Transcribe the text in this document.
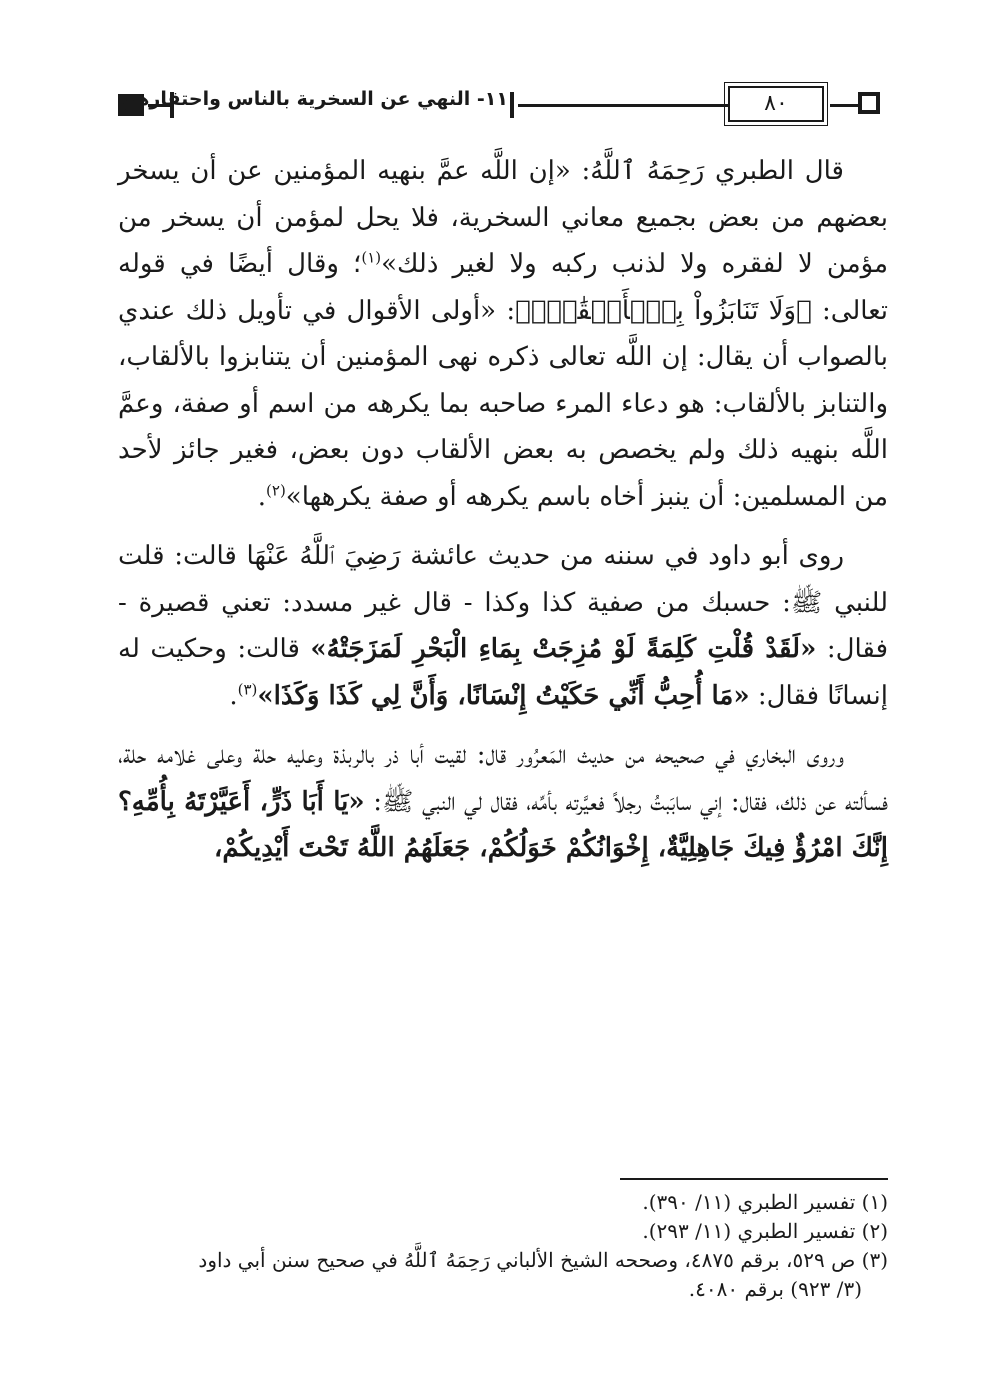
١١- النهي عن السخرية بالناس واحتقارهم	٨٠

قال الطبري رَحِمَهُ ٱللَّهُ: «إن اللَّه عمَّ بنهيه المؤمنين عن أن يسخر بعضهم من بعض بجميع معاني السخرية، فلا يحل لمؤمن أن يسخر من مؤمن لا لفقره ولا لذنب ركبه ولا لغير ذلك»$^{(١)}$؛ وقال أيضًا في قوله تعالى: ﴿وَلَا تَنَابَزُواْ بِٱلۡأَلۡقَٰبِۖ﴾: «أولى الأقوال في تأويل ذلك عندي بالصواب أن يقال: إن اللَّه تعالى ذكره نهى المؤمنين أن يتنابزوا بالألقاب، والتنابز بالألقاب: هو دعاء المرء صاحبه بما يكرهه من اسم أو صفة، وعمَّ اللَّه بنهيه ذلك ولم يخصص به بعض الألقاب دون بعض، فغير جائز لأحد من المسلمين: أن ينبز أخاه باسم يكرهه أو صفة يكرهها»$^{(٢)}$.

روى أبو داود في سننه من حديث عائشة رَضِيَ ٱللَّهُ عَنْهَا قالت: قلت للنبي ﷺ: حسبك من صفية كذا وكذا - قال غير مسدد: تعني قصيرة - فقال: «لَقَدْ قُلْتِ كَلِمَةً لَوْ مُزِجَتْ بِمَاءِ الْبَحْرِ لَمَزَجَتْهُ» قالت: وحكيت له إنسانًا فقال: «مَا أُحِبُّ أَنِّي حَكَيْتُ إِنْسَانًا، وَأَنَّ لِي كَذَا وَكَذَا»$^{(٣)}$.

وروى البخاري في صحيحه من حديث المَعرُور قال: لقيت أبا ذر بالربذة وعليه حلة وعلى غلامه حلة، فسألته عن ذلك، فقال: إني سابَبتُ رجلاً فعيَّرته بأمِّه، فقال لي النبي ﷺ: «يَا أَبَا ذَرٍّ، أَعَيَّرْتَهُ بِأُمِّهِ؟ إِنَّكَ امْرُؤٌ فِيكَ جَاهِلِيَّةٌ، إِخْوَانُكُمْ خَوَلُكُمْ، جَعَلَهُمُ اللَّهُ تَحْتَ أَيْدِيكُمْ،

(١) تفسير الطبري (١١/ ٣٩٠).

(٢) تفسير الطبري (١١/ ٢٩٣).

(٣) ص ٥٢٩، برقم ٤٨٧٥، وصححه الشيخ الألباني رَحِمَهُ ٱللَّهُ في صحيح سنن أبي داود

(٣/ ٩٢٣) برقم ٤٠٨٠.
